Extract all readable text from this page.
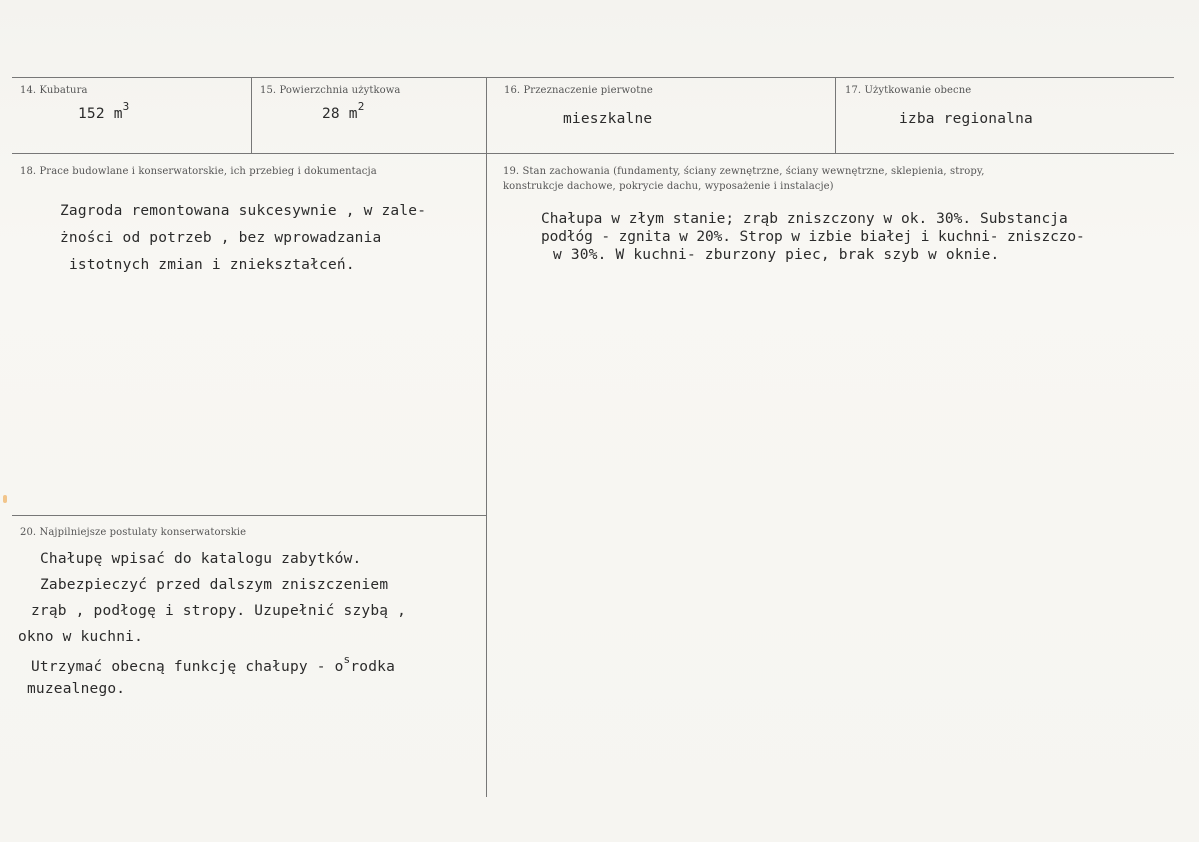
14. Kubatura
152 $m^3$
15. Powierzchnia użytkowa
28 $m^2$
16. Przeznaczenie pierwotne
mieszkalne
17. Użytkowanie obecne
izba regionalna
18. Prace budowlane i konserwatorskie, ich przebieg i dokumentacja
Zagroda remontowana sukcesywnie , w zale-
żności od potrzeb , bez wprowadzania
istotnych zmian i zniekształceń.
19. Stan zachowania (fundamenty, ściany zewnętrzne, ściany wewnętrzne, sklepienia, stropy,
konstrukcje dachowe, pokrycie dachu, wyposażenie i instalacje)
Chałupa w złym stanie; zrąb zniszczony w ok. 30%. Substancja
podłóg - zgnita w 20%. Strop w izbie białej i kuchni- zniszczo-
w 30%. W kuchni- zburzony piec, brak szyb w oknie.
20. Najpilniejsze postulaty konserwatorskie
Chałupę wpisać do katalogu zabytków.
Zabezpieczyć przed dalszym zniszczeniem
zrąb , podłogę i stropy. Uzupełnić szybą ,
okno w kuchni.
Utrzymać obecną funkcję chałupy - $o^srodka$
muzealnego.
